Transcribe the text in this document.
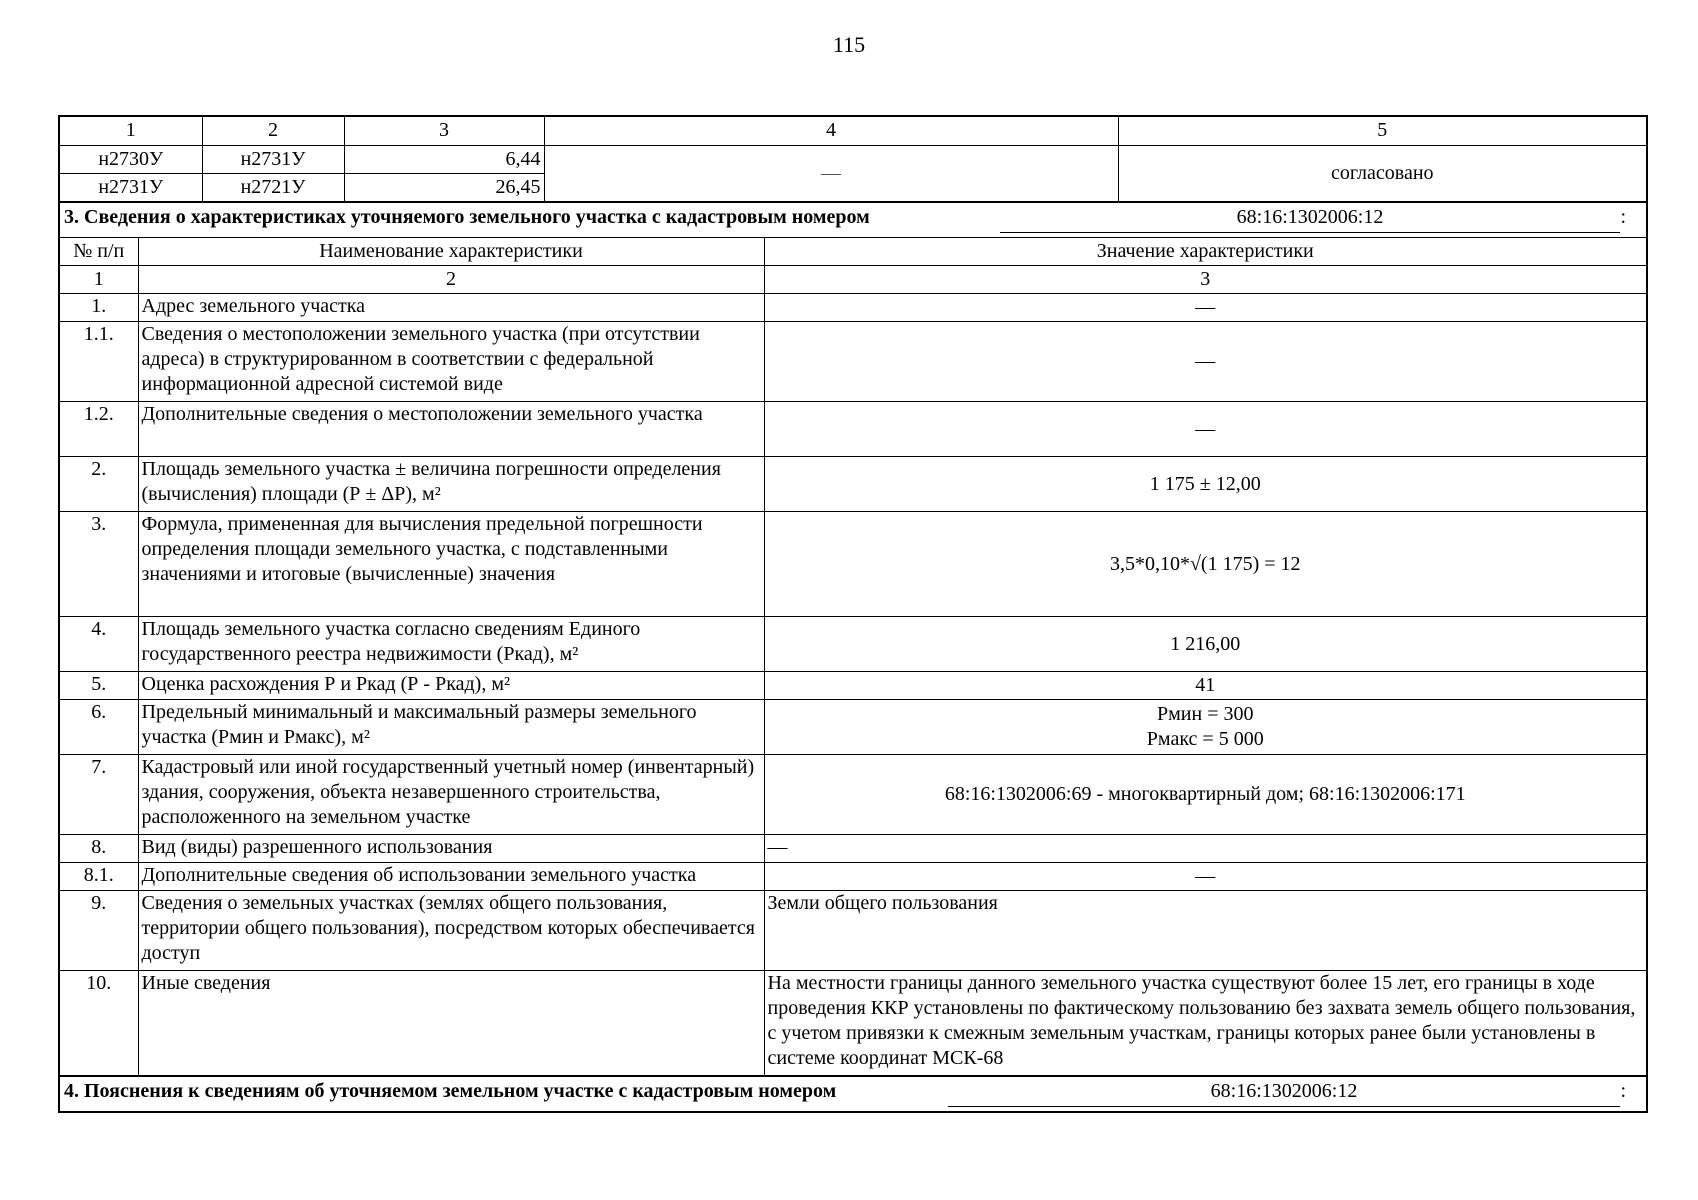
115
1	2	3	4	5
н2730У	н2731У	6,44	—	согласовано
н2731У	н2721У	26,45		
3. Сведения о характеристиках уточняемого земельного участка с кадастровым номером	68:16:1302006:12	:
№ п/п	Наименование характеристики	Значение характеристики
1	2	3
1.	Адрес земельного участка	—
1.1.	Сведения о местоположении земельного участка (при отсутствии адреса) в структурированном в соответствии с федеральной информационной адресной системой виде	—
1.2.	Дополнительные сведения о местоположении земельного участка	—
2.	Площадь земельного участка ± величина погрешности определения (вычисления) площади (Р ± ΔР), м²	1 175 ± 12,00
3.	Формула, примененная для вычисления предельной погрешности определения площади земельного участка, с подставленными значениями и итоговые (вычисленные) значения	3,5*0,10*√(1 175) = 12
4.	Площадь земельного участка согласно сведениям Единого государственного реестра недвижимости (Ркад), м²	1 216,00
5.	Оценка расхождения Р и Ркад (Р - Ркад), м²	41
6.	Предельный минимальный и максимальный размеры земельного участка (Рмин и Рмакс), м²	Рмин = 300
Рмакс = 5 000

7.	Кадастровый или иной государственный учетный номер (инвентарный) здания, сооружения, объекта незавершенного строительства, расположенного на земельном участке	68:16:1302006:69 - многоквартирный дом; 68:16:1302006:171
8.	Вид (виды) разрешенного использования	—
8.1.	Дополнительные сведения об использовании земельного участка	—
9.	Сведения о земельных участках (землях общего пользования, территории общего пользования), посредством которых обеспечивается доступ	Земли общего пользования
10.	Иные сведения	На местности границы данного земельного участка существуют более 15 лет, его границы в ходе проведения ККР установлены по фактическому пользованию без захвата земель общего пользования, с учетом привязки к смежным земельным участкам, границы которых ранее были установлены в системе координат МСК-68
4. Пояснения к сведениям об уточняемом земельном участке с кадастровым номером	68:16:1302006:12	:
